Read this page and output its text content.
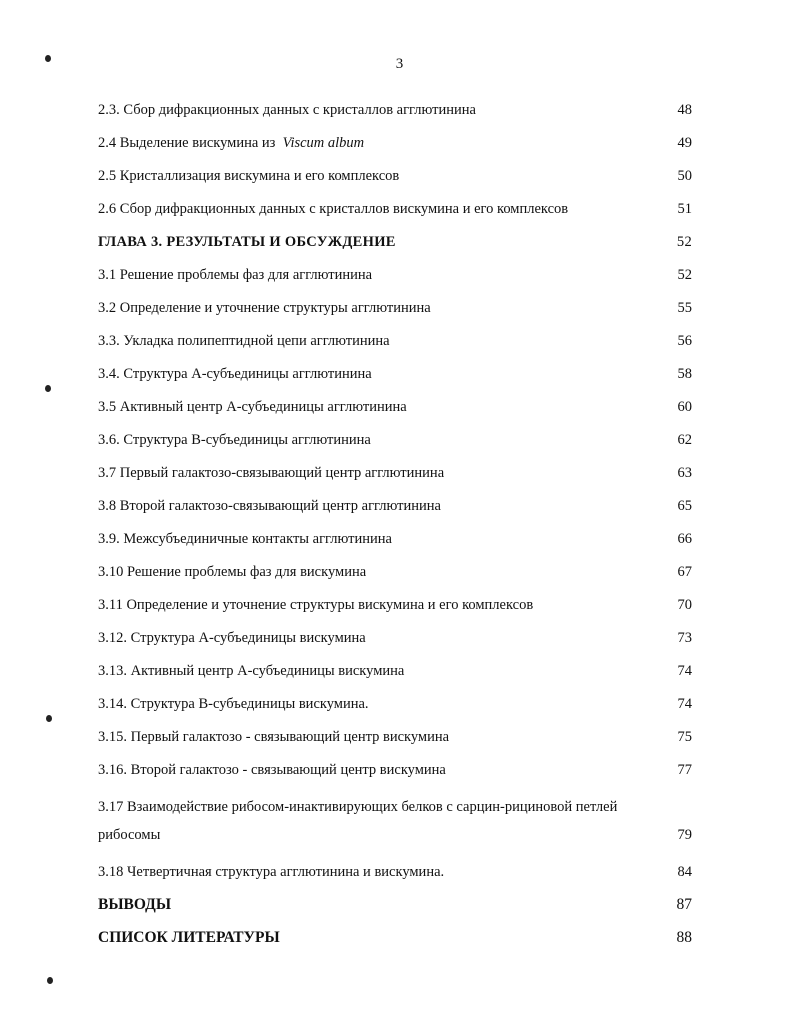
3
2.3. Сбор дифракционных данных с кристаллов агглютинина	48
2.4 Выделение вискумина из  Viscum album	49
2.5 Кристаллизация вискумина и его комплексов	50
2.6 Сбор дифракционных данных с кристаллов вискумина и его комплексов	51
ГЛАВА 3. РЕЗУЛЬТАТЫ И ОБСУЖДЕНИЕ	52
3.1 Решение проблемы фаз для агглютинина	52
3.2 Определение и уточнение структуры агглютинина	55
3.3. Укладка полипептидной цепи агглютинина	56
3.4. Структура А-субъединицы агглютинина	58
3.5 Активный центр А-субъединицы агглютинина	60
3.6. Структура В-субъединицы агглютинина	62
3.7 Первый галактозо-связывающий центр агглютинина	63
3.8 Второй галактозо-связывающий центр агглютинина	65
3.9. Межсубъединичные контакты агглютинина	66
3.10 Решение проблемы фаз для вискумина	67
3.11 Определение и уточнение структуры вискумина и его комплексов	70
3.12. Структура А-субъединицы вискумина	73
3.13. Активный центр А-субъединицы вискумина	74
3.14. Структура В-субъединицы вискумина.	74
3.15. Первый галактозо - связывающий центр вискумина	75
3.16. Второй галактозо - связывающий центр вискумина	77
3.17 Взаимодействие рибосом-инактивирующих белков с сарцин-рициновой петлей
рибосомы	79
3.18 Четвертичная структура агглютинина и вискумина.	84
ВЫВОДЫ	87
СПИСОК ЛИТЕРАТУРЫ	88
